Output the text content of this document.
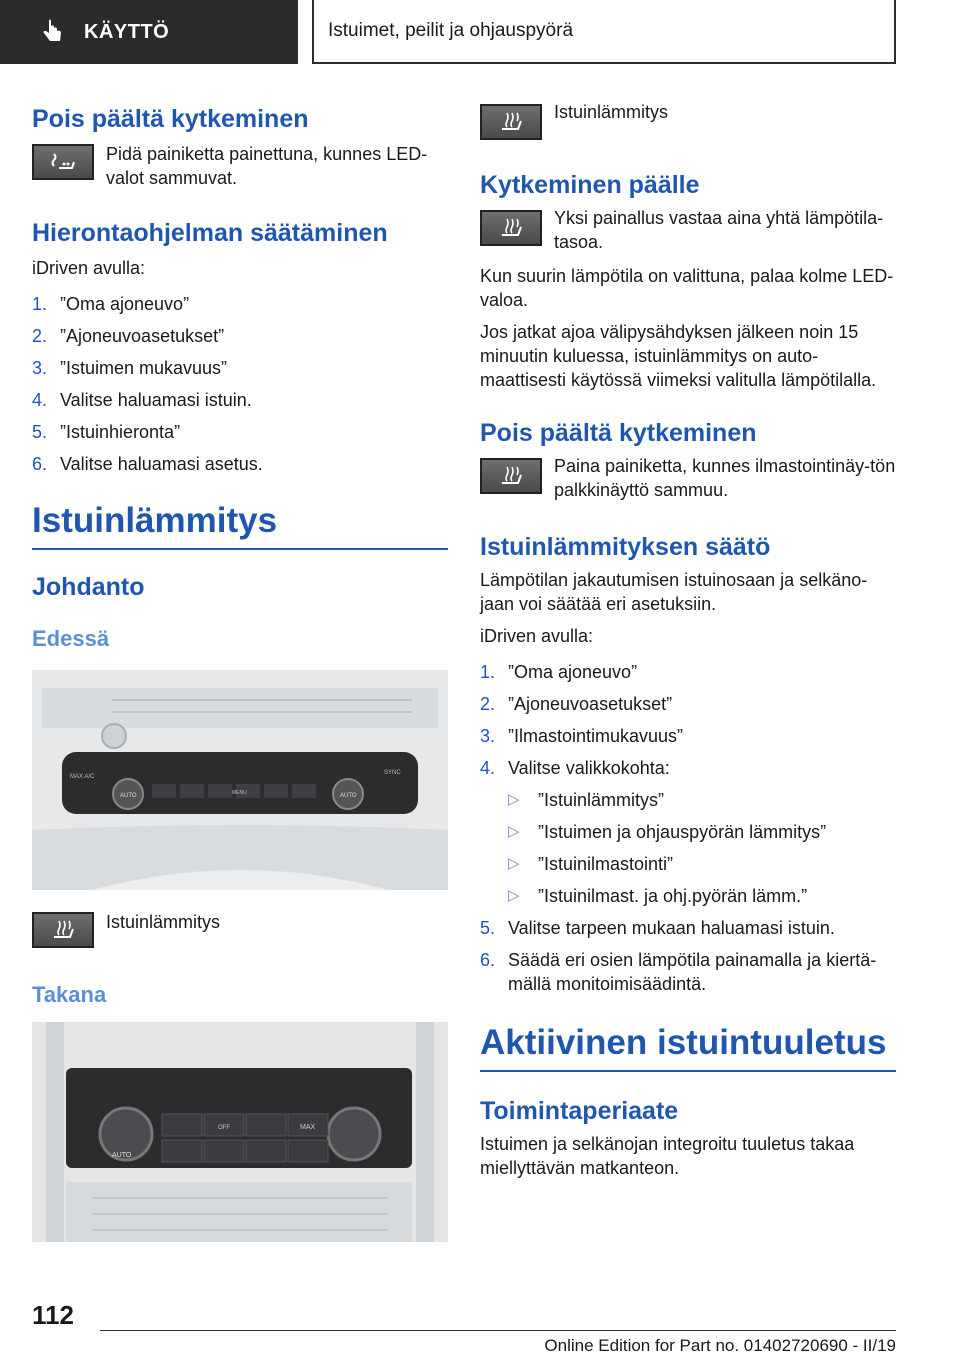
KÄYTTÖ	Istuimet, peilit ja ohjauspyörä
Pois päältä kytkeminen

Pidä painiketta painettuna, kunnes LED-valot sammuvat.

Hierontaohjelman säätäminen

iDriven avulla:

1. ”Oma ajoneuvo”
2. ”Ajoneuvoasetukset”
3. ”Istuimen mukavuus”
4. Valitse haluamasi istuin.
5. ”Istuinhieronta”
6. Valitse haluamasi asetus.
Istuinlämmitys
Johdanto
Edessä
MAX A/C
SYNC
MENU
AUTO	AUTO

Istuinlämmitys

Takana
AUTO
OFF	MAX

Istuinlämmitys

Kytkeminen päälle

Yksi painallus vastaa aina yhtä lämpötila-tasoa.

Kun suurin lämpötila on valittuna, palaa kolme LED-valoa.

Jos jatkat ajoa välipysähdyksen jälkeen noin 15 minuutin kuluessa, istuinlämmitys on auto-maattisesti käytössä viimeksi valitulla lämpötilalla.

Pois päältä kytkeminen

Paina painiketta, kunnes ilmastointinäy-tön palkkinäyttö sammuu.

Istuinlämmityksen säätö

Lämpötilan jakautumisen istuinosaan ja selkäno-jaan voi säätää eri asetuksiin.

iDriven avulla:

1. ”Oma ajoneuvo”
2. ”Ajoneuvoasetukset”
3. ”Ilmastointimukavuus”
4. Valitse valikkokohta:
▷	”Istuinlämmitys”
▷	”Istuimen ja ohjauspyörän lämmitys”
▷	”Istuinilmastointi”
▷	”Istuinilmast. ja ohj.pyörän lämm.”
5. Valitse tarpeen mukaan haluamasi istuin.
6. Säädä eri osien lämpötila painamalla ja kiertä-mällä monitoimisäädintä.
Aktiivinen istuintuuletus
Toimintaperiaate

Istuimen ja selkänojan integroitu tuuletus takaa miellyttävän matkanteon.

112
Online Edition for Part no. 01402720690 - II/19
